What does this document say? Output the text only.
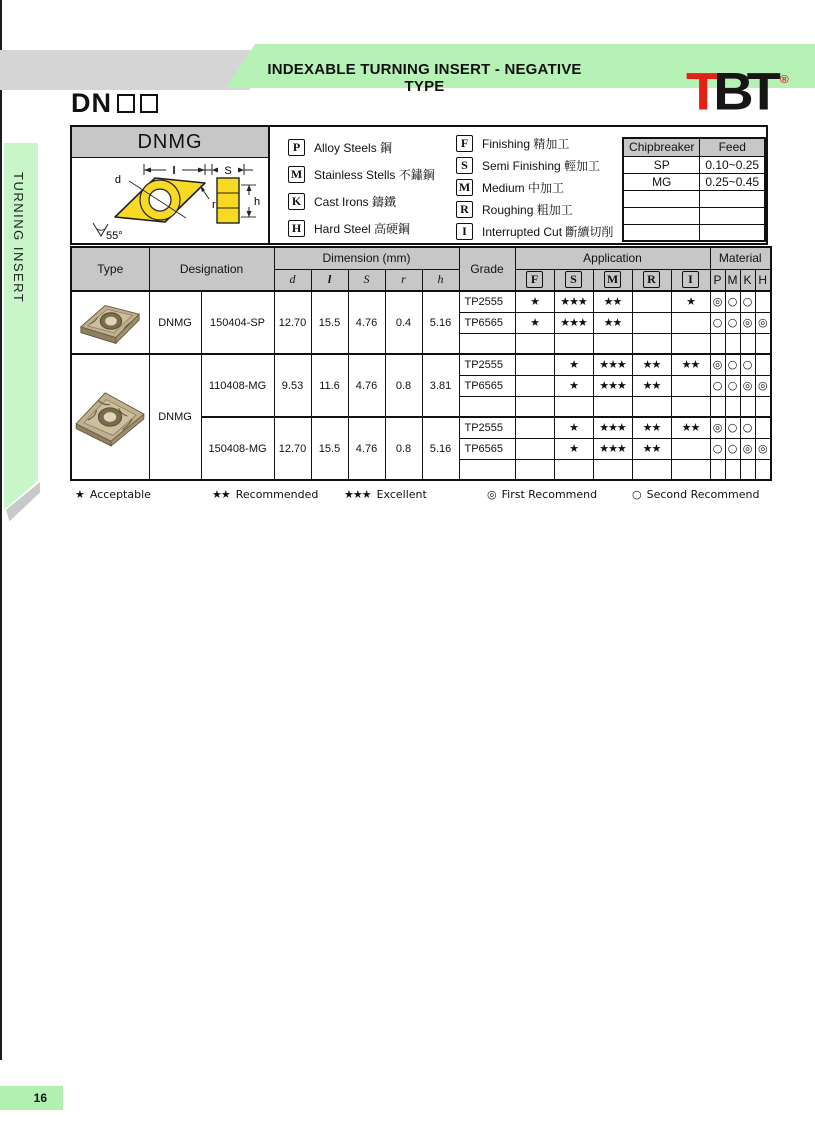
TURNING INSERT
INDEXABLE TURNING INSERT - NEGATIVE TYPE	TBT ®
DN
DNMG
d
l
r
55°
S
h
P	Alloy Steels 鋼
M Stainless Stells 不鏽鋼
K	Cast Irons 鑄鐵
H	Hard Steel 高硬鋼
F	Finishing 精加工
S	Semi Finishing 輕加工
M Medium 中加工
R	Roughing 粗加工
I	Interrupted Cut 斷續切削
Chipbreaker	Feed
SP	0.10~0.25
MG	0.25~0.45

Type	Designation		Dimension (mm)					Grade	Application					Material			
			d	l	S	r	h		F	S	M	R	I	P	M	K	H

	DNMG	150404-SP	12.70	15.5	4.76	0.4	5.16	TP2555	★	★★★	★★		★	◎	○	○	
								TP6565	★	★★★	★★			○	○	◎	◎

	DNMG	110408-MG	9.53	11.6	4.76	0.8	3.81	TP2555		★	★★★	★★	★★	◎	○	○	
								TP6565		★	★★★	★★		○	○	◎	◎

		150408-MG	12.70	15.5	4.76	0.8	5.16	TP2555		★	★★★	★★	★★	◎	○	○	
								TP6565		★	★★★	★★		○	○	◎	◎

★ Acceptable	★★ Recommended ★★★ Excellent	◎ First Recommend	○ Second Recommend
16
